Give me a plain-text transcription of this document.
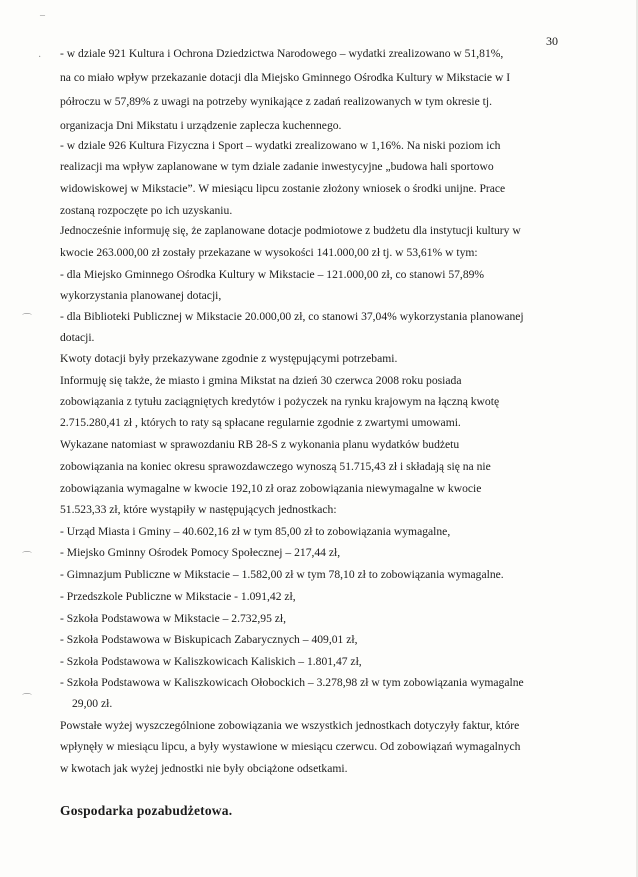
–
·
⌒
⌒
⌒
30
- w dziale 921 Kultura i Ochrona Dziedzictwa Narodowego – wydatki zrealizowano w 51,81%,
na co miało wpływ przekazanie dotacji dla Miejsko Gminnego Ośrodka Kultury w Mikstacie w I
półroczu w 57,89% z uwagi na potrzeby wynikające z zadań realizowanych w tym okresie tj.
organizacja Dni Mikstatu i urządzenie zaplecza kuchennego.
- w dziale 926 Kultura Fizyczna i Sport – wydatki zrealizowano w 1,16%. Na niski poziom ich
realizacji ma wpływ zaplanowane w tym dziale zadanie inwestycyjne „budowa hali sportowo
widowiskowej w Mikstacie”. W miesiącu lipcu zostanie złożony wniosek o środki unijne. Prace
zostaną rozpoczęte po ich uzyskaniu.
Jednocześnie informuję się, że zaplanowane dotacje podmiotowe z budżetu dla instytucji kultury w
kwocie 263.000,00 zł zostały przekazane w wysokości 141.000,00 zł tj. w 53,61% w tym:
- dla Miejsko Gminnego Ośrodka Kultury w Mikstacie – 121.000,00 zł, co stanowi 57,89%
wykorzystania planowanej dotacji,
- dla Biblioteki Publicznej w Mikstacie 20.000,00 zł, co stanowi 37,04% wykorzystania planowanej
dotacji.
Kwoty dotacji były przekazywane zgodnie z występującymi potrzebami.
Informuję się także, że miasto i gmina Mikstat na dzień 30 czerwca 2008 roku posiada
zobowiązania z tytułu zaciągniętych kredytów i pożyczek na rynku krajowym na łączną kwotę
2.715.280,41 zł , których to raty są spłacane regularnie zgodnie z zwartymi umowami.
Wykazane natomiast w sprawozdaniu RB 28-S z wykonania planu wydatków budżetu
zobowiązania na koniec okresu sprawozdawczego wynoszą 51.715,43 zł i składają się na nie
zobowiązania wymagalne w kwocie 192,10 zł oraz zobowiązania niewymagalne w kwocie
51.523,33 zł, które wystąpiły w następujących jednostkach:
- Urząd Miasta i Gminy – 40.602,16 zł w tym 85,00 zł to zobowiązania wymagalne,
- Miejsko Gminny Ośrodek Pomocy Społecznej – 217,44 zł,
- Gimnazjum Publiczne w Mikstacie – 1.582,00 zł w tym 78,10 zł to zobowiązania wymagalne.
- Przedszkole Publiczne w Mikstacie - 1.091,42 zł,
- Szkoła Podstawowa w Mikstacie – 2.732,95 zł,
- Szkoła Podstawowa w Biskupicach Zabarycznych – 409,01 zł,
- Szkoła Podstawowa w Kaliszkowicach Kaliskich – 1.801,47 zł,
- Szkoła Podstawowa w Kaliszkowicach Ołobockich – 3.278,98 zł w tym zobowiązania wymagalne
29,00 zł.
Powstałe wyżej wyszczególnione zobowiązania we wszystkich jednostkach dotyczyły faktur, które
wpłynęły w miesiącu lipcu, a były wystawione w miesiącu czerwcu. Od zobowiązań wymagalnych
w kwotach jak wyżej jednostki nie były obciążone odsetkami.
Gospodarka pozabudżetowa.
